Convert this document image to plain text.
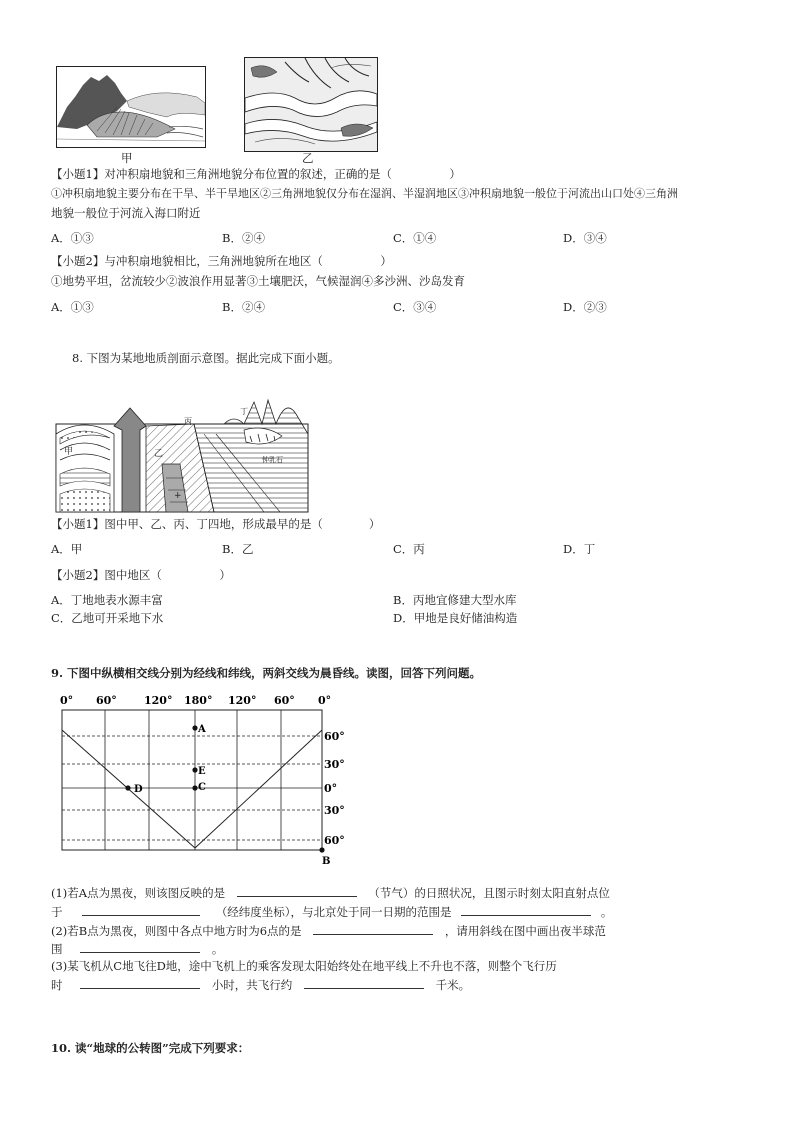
甲	乙
【小题1】对冲积扇地貌和三角洲地貌分布位置的叙述，正确的是（　　　　　）
①冲积扇地貌主要分布在干旱、半干旱地区②三角洲地貌仅分布在湿润、半湿润地区③冲积扇地貌一般位于河流出山口处④三角洲
地貌一般位于河流入海口附近
A．①③	B．②④	C．①④	D．③④
【小题2】与冲积扇地貌相比，三角洲地貌所在地区（　　　　　）
①地势平坦，岔流较少②波浪作用显著③土壤肥沃，气候湿润④多沙洲、沙岛发育
A．①③	B．②④	C．③④	D．②③
8. 下图为某地地质剖面示意图。据此完成下面小题。
甲
+
乙
丙
丁
钟乳石
【小题1】图中甲、乙、丙、丁四地，形成最早的是（　　　　）
A．甲	B．乙	C．丙	D．丁
【小题2】图中地区（　　　　　）
A．丁地地表水源丰富	B．丙地宜修建大型水库
C．乙地可开采地下水	D．甲地是良好储油构造
9. 下图中纵横相交线分别为经线和纬线，两斜交线为晨昏线。读图，回答下列问题。
0° 60° 120° 180° 120° 60° 0°
A
E
C
D
B
60°
30°
0°
30°
60°
(1)若A点为黑夜，则该图反映的是	（节气）的日照状况，且图示时刻太阳直射点位
于	（经纬度坐标），与北京处于同一日期的范围是	。
(2)若B点为黑夜，则图中各点中地方时为6点的是	，请用斜线在图中画出夜半球范
围	。
(3)某飞机从C地飞往D地，途中飞机上的乘客发现太阳始终处在地平线上不升也不落，则整个飞行历
时	小时，共飞行约	千米。
10. 读“地球的公转图”完成下列要求：
